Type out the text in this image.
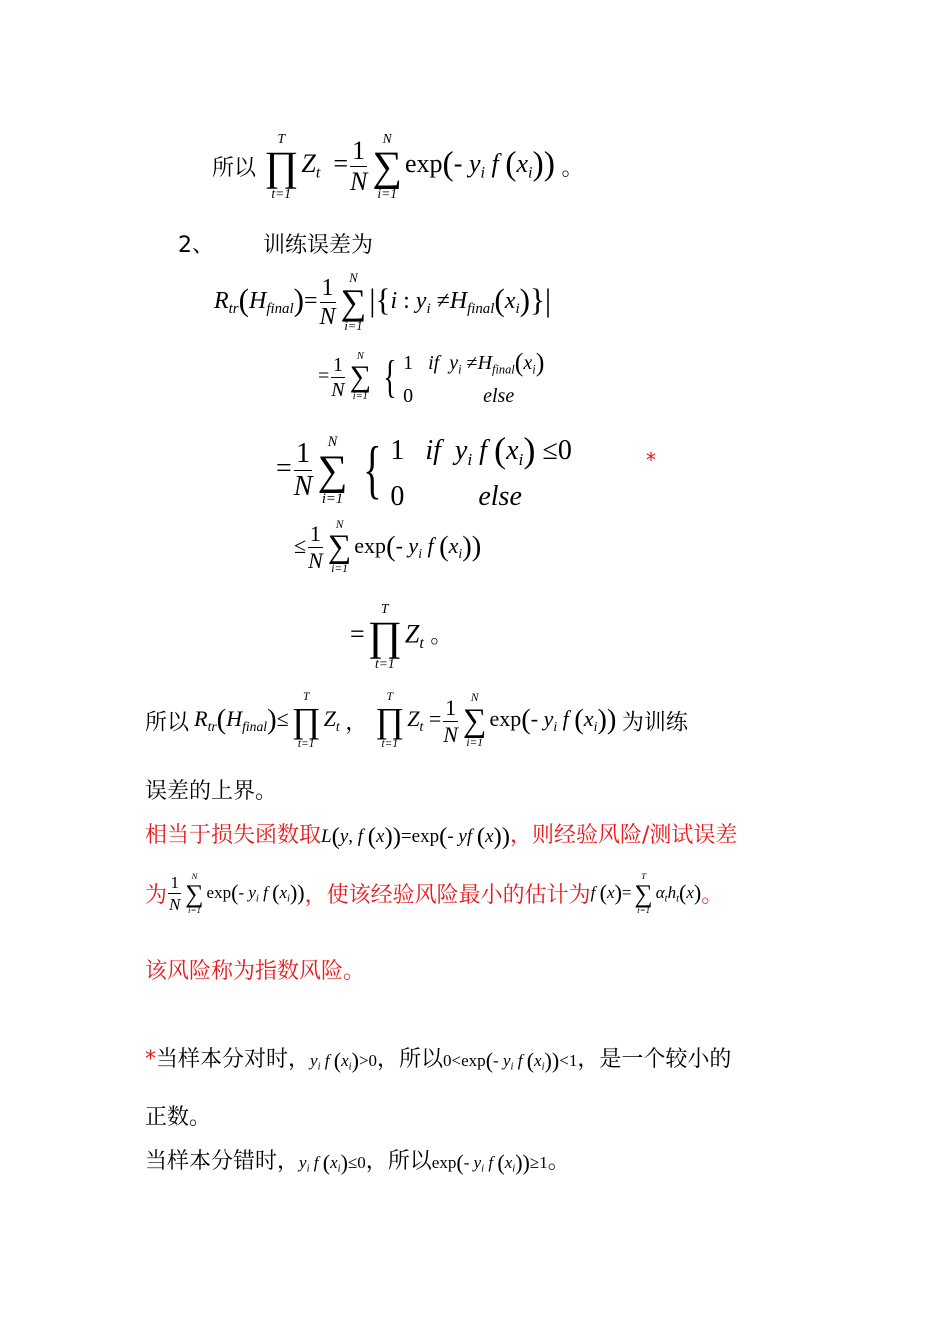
所以
T
∏
t=1
$Z_t = \frac{1}{N}$ N
∑
i=1
exp(- $y_i$ f $(x_i)$) 。
2、 训练误差为
$R_{tr}(H_{final})= \frac{1}{N}$ N
∑
i=1
|{i : $y_i \ne H_{final}(x_i)\}|$
= $\frac{1}{N}$ N
∑
i=1
{ 1 if $y_i \ne H_{final}(x_i)$
0	else
= $\frac{1}{N}$ N
∑
i=1
{ 1 if $y_i$ f $(x_i) \le 0$
0	else
*
≤ $\frac{1}{N}$ N
∑
i=1
exp(- $y_i$ f $(x_i)$)
=
T
∏
t=1
$Z_t$ 。
所以 $R_{tr}(H_{final})\le$
T
∏
t=1
$Z_t$ ，
T
∏
t=1
$Z_t = \frac{1}{N}$ N
∑
i=1
exp(- $y_i$ f $(x_i)$) 为训练
误差的上界。
相当于损失函数取L(y, f (x))=exp(- yf (x))，则经验风险/测试误差
为 $\frac{1}{N}$ N
∑
i=1
exp(- $y_i$ f $(x_i)$)，使该经验风险最小的估计为f (x)=
T
∑
t=1
$\alpha_th_t(x)$。
该风险称为指数风险。
*当样本分对时，$y_i$ f $(x_i)>0$，所以0<exp(- $y_i$ f $(x_i))<1$，是一个较小的
正数。
当样本分错时，$y_i$ f $(x_i)\le 0$，所以exp(- $y_i$ f $(x_i))\ge 1$。
